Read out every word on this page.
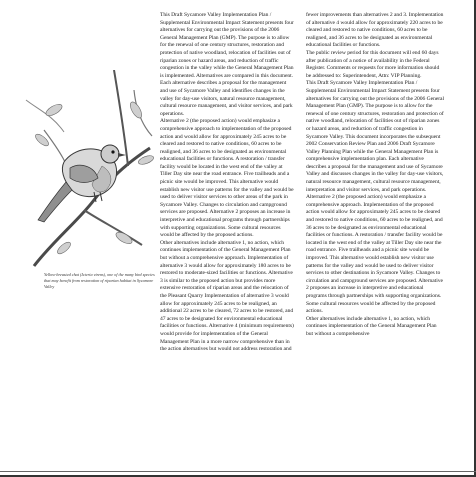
Yellow-breasted chat (Icteria virens), one of the many bird species that may benefit from restoration of riparian habitat in Sycamore Valley

This Draft Sycamore Valley Implementation Plan / Supplemental Environmental Impact Statement presents four alternatives for carrying out the provisions of the 2006 General Management Plan (GMP). The purpose is to allow for the renewal of one century structures, restoration and protection of native woodland, relocation of facilities out of riparian zones or hazard areas, and reduction of traffic congestion in the valley while the General Management Plan is implemented. Alternatives are compared in this document. Each alternative describes a proposal for the management and use of Sycamore Valley and identifies changes in the valley for day-use visitors, natural resource management, cultural resource management, and visitor services, and park operations.

Alternative 2 (the proposed action) would emphasize a comprehensive approach to implementation of the proposed action and would allow for approximately 245 acres to be cleared and restored to native conditions, 60 acres to be realigned, and 36 acres to be designated as environmental educational facilities or functions. A restoration / transfer facility would be located in the west end of the valley at Tiller Day site near the road entrance. Five trailheads and a picnic site would be improved. This alternative would establish new visitor use patterns for the valley and would be used to deliver visitor services to other areas of the park in Sycamore Valley. Changes to circulation and campground services are proposed. Alternative 2 proposes an increase in interpretive and educational programs through partnerships with supporting organizations. Some cultural resources would be affected by the proposed actions.

Other alternatives include alternative 1, no action, which continues implementation of the General Management Plan but without a comprehensive approach. Implementation of alternative 3 would allow for approximately 180 acres to be restored to moderate-sized facilities or functions. Alternative 3 is similar to the proposed action but provides more extensive restoration of riparian areas and the relocation of the Pleasant Quarry Implementation of alternative 3 would allow for approximately 245 acres to be realigned, an additional 22 acres to be cleared, 72 acres to be restored, and 47 acres to be designated for environmental educational facilities or functions. Alternative 4 (minimum requirements) would provide for implementation of the General Management Plan in a more narrow comprehensive than in the action alternatives but would not address restoration and

fewer improvements than alternatives 2 and 3. Implementation of alternative 4 would allow for approximately 220 acres to be cleared and restored to native conditions, 60 acres to be realigned, and 36 acres to be designated as environmental educational facilities or functions.

The public review period for this document will end 60 days after publication of a notice of availability in the Federal Register. Comments or requests for more information should be addressed to: Superintendent, Attn: VIP Planning.

This Draft Sycamore Valley Implementation Plan / Supplemental Environmental Impact Statement presents four alternatives for carrying out the provisions of the 2006 General Management Plan (GMP). The purpose is to allow for the renewal of one century structures, restoration and protection of native woodland, relocation of facilities out of riparian zones or hazard areas, and reduction of traffic congestion in Sycamore Valley. This document incorporates the subsequent 2002 Conservation Review Plan and 2006 Draft Sycamore Valley Planning Plan while the General Management Plan is comprehensive implementation plan. Each alternative describes a proposal for the management and use of Sycamore Valley and discusses changes in the valley for day-use visitors, natural resource management, cultural resource management, interpretation and visitor services, and park operations.

Alternative 2 (the proposed action) would emphasize a comprehensive approach. Implementation of the proposed action would allow for approximately 245 acres to be cleared and restored to native conditions, 60 acres to be realigned, and 36 acres to be designated as environmental educational facilities or functions. A restoration / transfer facility would be located in the west end of the valley at Tiller Day site near the road entrance. Five trailheads and a picnic site would be improved. This alternative would establish new visitor use patterns for the valley and would be used to deliver visitor services to other destinations in Sycamore Valley. Changes to circulation and campground services are proposed. Alternative 2 proposes an increase in interpretive and educational programs through partnerships with supporting organizations. Some cultural resources would be affected by the proposed actions.

Other alternatives include alternative 1, no action, which continues implementation of the General Management Plan but without a comprehensive
